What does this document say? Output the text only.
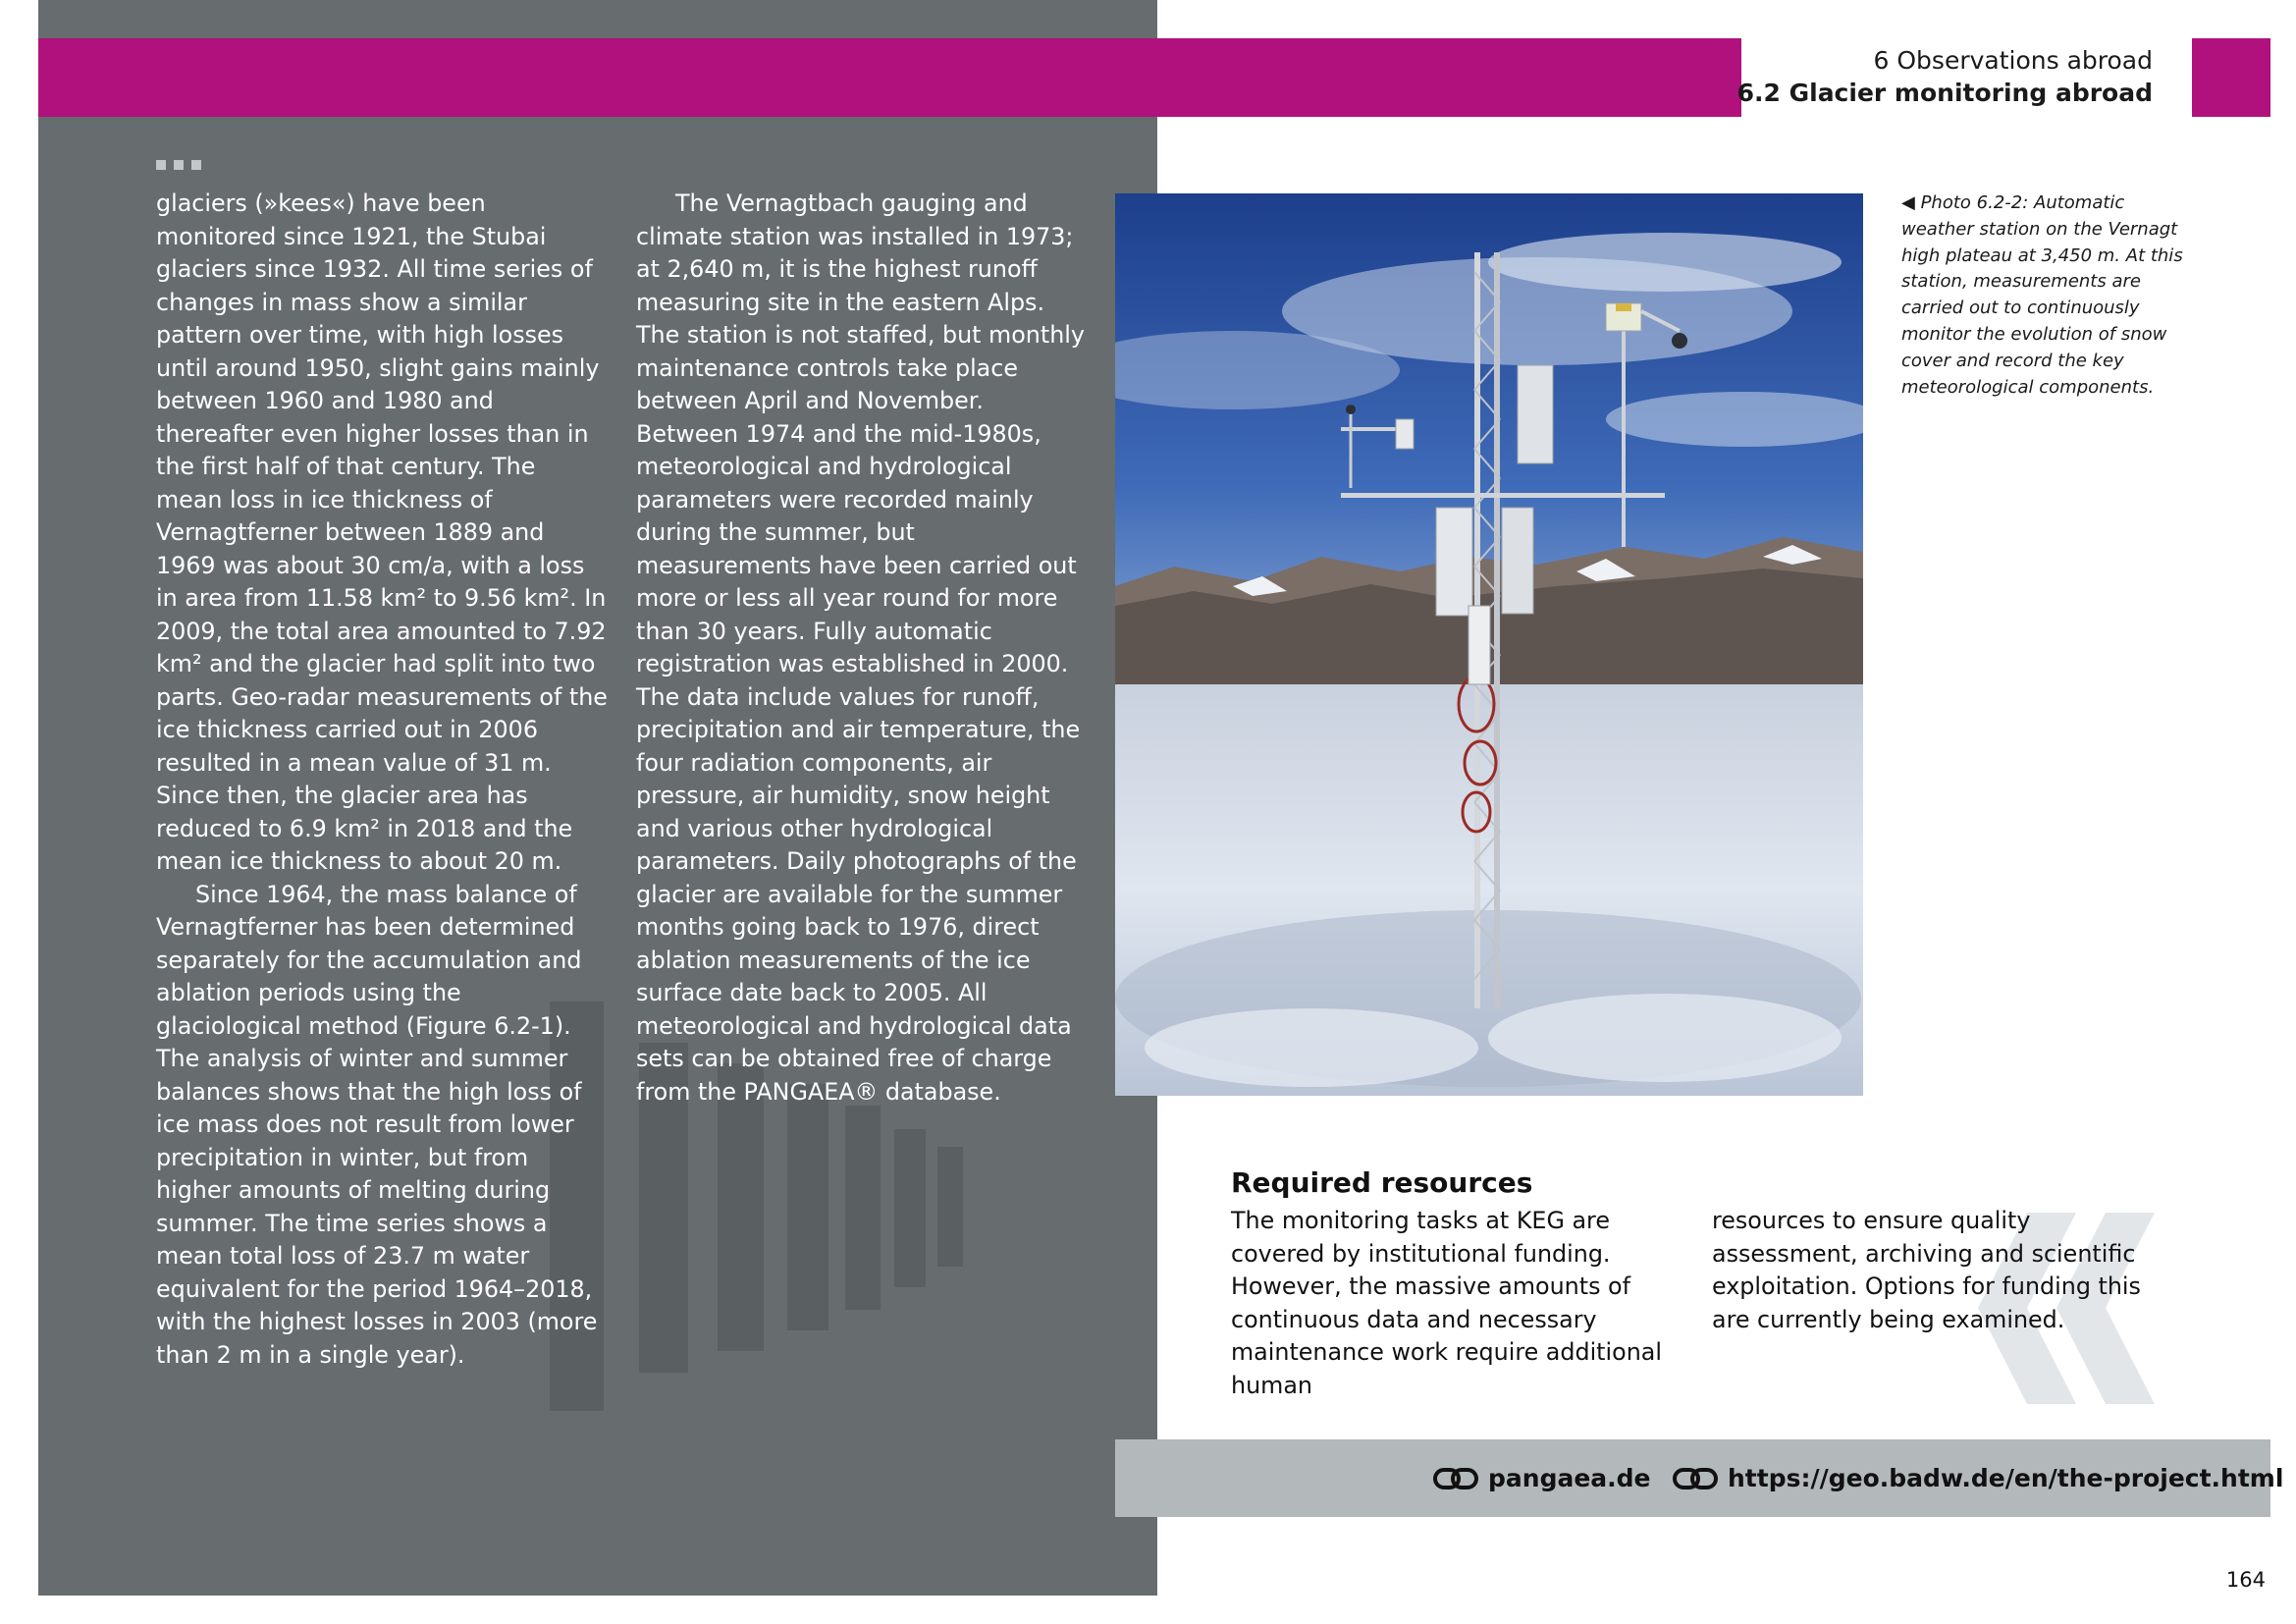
6 Observations abroad
6.2 Glacier monitoring abroad

glaciers (»kees«) have been monitored since 1921, the Stubai glaciers since 1932. All time series of changes in mass show a similar pattern over time, with high losses until around 1950, slight gains mainly between 1960 and 1980 and thereafter even higher losses than in the first half of that century. The mean loss in ice thickness of Vernagtferner between 1889 and 1969 was about 30 cm/a, with a loss in area from 11.58 km² to 9.56 km². In 2009, the total area amounted to 7.92 km² and the glacier had split into two parts. Geo-radar measurements of the ice thickness carried out in 2006 resulted in a mean value of 31 m. Since then, the glacier area has reduced to 6.9 km² in 2018 and the mean ice thickness to about 20 m.

Since 1964, the mass balance of Vernagtferner has been determined separately for the accumulation and ablation periods using the glaciological method (Figure 6.2-1). The analysis of winter and summer balances shows that the high loss of ice mass does not result from lower precipitation in winter, but from higher amounts of melting during summer. The time series shows a mean total loss of 23.7 m water equivalent for the period 1964–2018, with the highest losses in 2003 (more than 2 m in a single year).

The Vernagtbach gauging and climate station was installed in 1973; at 2,640 m, it is the highest runoff measuring site in the eastern Alps. The station is not staffed, but monthly maintenance controls take place between April and November. Between 1974 and the mid-1980s, meteorological and hydrological parameters were recorded mainly during the summer, but measurements have been carried out more or less all year round for more than 30 years. Fully automatic registration was established in 2000. The data include values for runoff, precipitation and air temperature, the four radiation components, air pressure, air humidity, snow height and various other hydrological parameters. Daily photographs of the glacier are available for the summer months going back to 1976, direct ablation measurements of the ice surface date back to 2005. All meteorological and hydrological data sets can be obtained free of charge from the PANGAEA® database.

◀ Photo 6.2-2: Automatic weather station on the Vernagt high plateau at 3,450 m. At this station, measurements are carried out to continuously monitor the evolution of snow cover and record the key meteorological components.
Required resources

The monitoring tasks at KEG are covered by institutional funding. However, the massive amounts of continuous data and necessary maintenance work require additional human

resources to ensure quality assessment, archiving and scientific exploitation. Options for funding this are currently being examined.

pangaea.de	https://geo.badw.de/en/the-project.html
164
